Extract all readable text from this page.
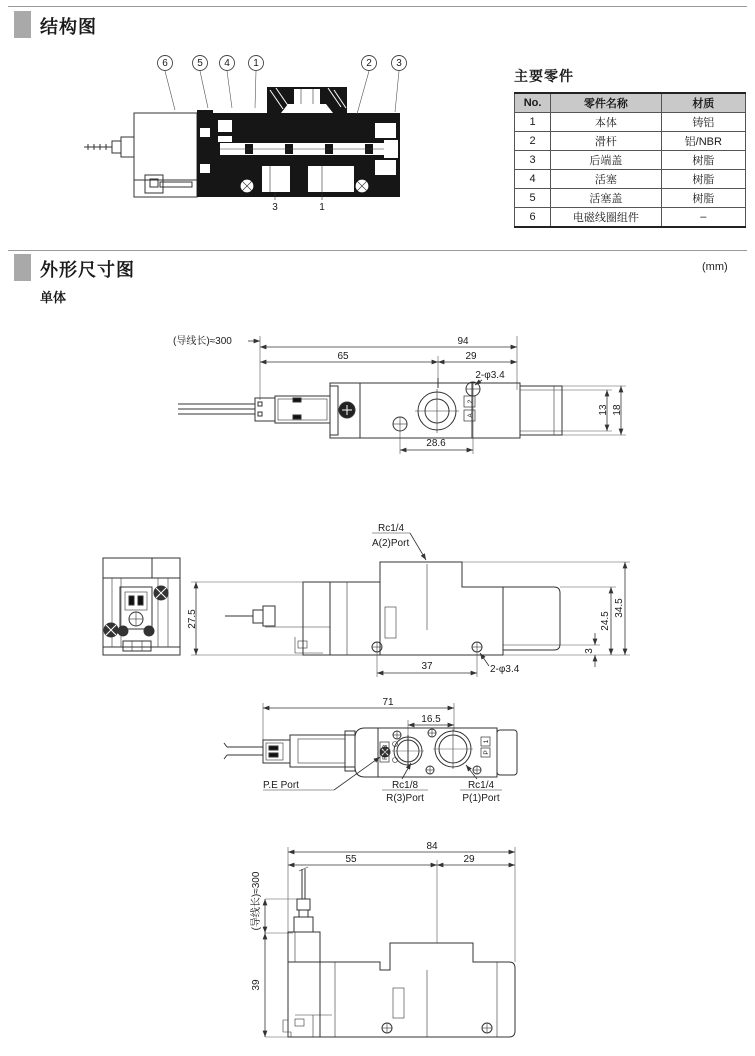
结构图
6	5 4 1	2 3
3	1
主要零件
No.	零件名称	材质
1	本体	铸铝
2	滑杆	铝/NBR
3	后端盖	树脂
4	活塞	树脂
5	活塞盖	树脂
6	电磁线圈组件	–
外形尺寸图	(mm)
单体
(导线长)≈300	94
65	29
2-φ3.4
28.6
13 18
2
A
Rc1/4
A(2)Port
27.5
37	2-φ3.4
24.5
34.5
3
71
16.5
3
R
1
P
P.E Port	Rc1/8
R(3)Port
Rc1/4
P(1)Port
84
55	29
(导线长)≈300
39
